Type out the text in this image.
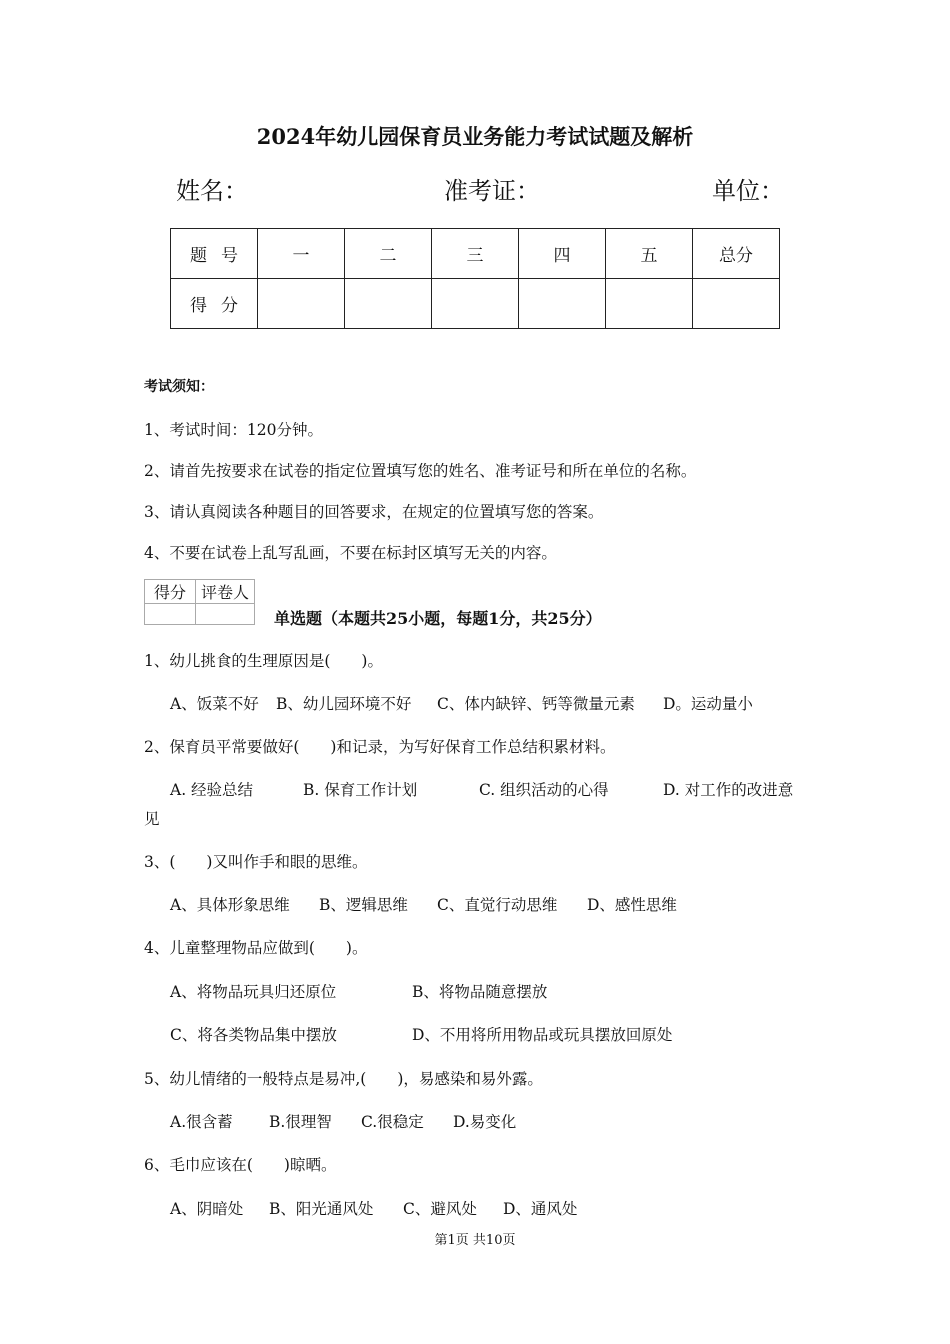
2024年幼儿园保育员业务能力考试试题及解析
姓名：	准考证：	单位：
题号	一	二	三	四	五	总分
得分						
考试须知：
1、考试时间：120分钟。
2、请首先按要求在试卷的指定位置填写您的姓名、准考证号和所在单位的名称。
3、请认真阅读各种题目的回答要求，在规定的位置填写您的答案。
4、不要在试卷上乱写乱画，不要在标封区填写无关的内容。
得分	评卷人

单选题（本题共25小题，每题1分，共25分）
1、幼儿挑食的生理原因是(　　)。
A、饭菜不好 B、幼儿园环境不好 C、体内缺锌、钙等微量元素 D。运动量小
2、保育员平常要做好(　　)和记录，为写好保育工作总结积累材料。
A. 经验总结	B. 保育工作计划	C. 组织活动的心得	D. 对工作的改进意
见
3、(　　)又叫作手和眼的思维。
A、具体形象思维 B、逻辑思维 C、直觉行动思维 D、感性思维
4、儿童整理物品应做到(　　)。
A、将物品玩具归还原位	B、将物品随意摆放
C、将各类物品集中摆放	D、不用将所用物品或玩具摆放回原处
5、幼儿情绪的一般特点是易冲,(　　)，易感染和易外露。
A.很含蓄 B.很理智 C.很稳定 D.易变化
6、毛巾应该在(　　)晾晒。
A、阴暗处 B、阳光通风处 C、避风处 D、通风处
第1页 共10页
